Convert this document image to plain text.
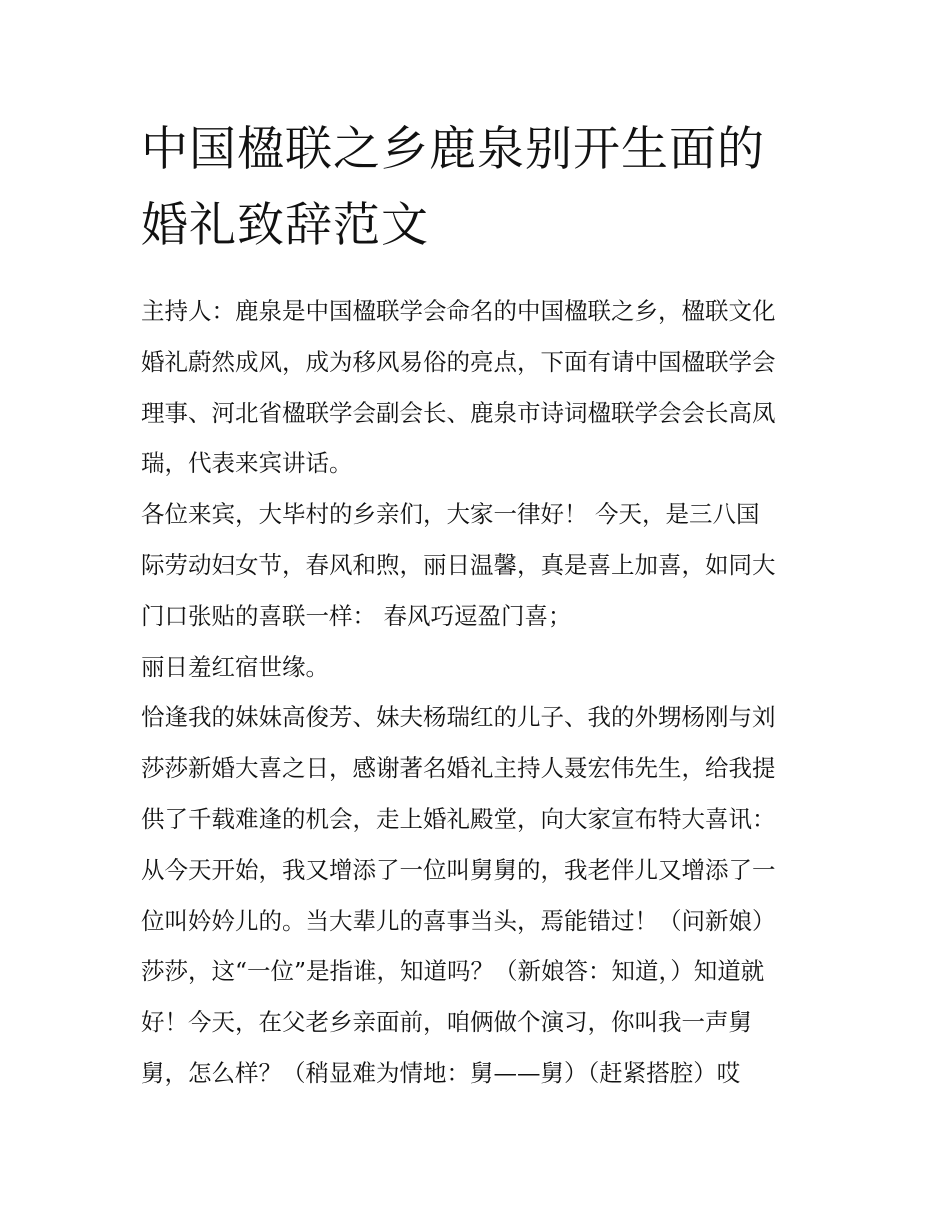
中国楹联之乡鹿泉别开生面的
婚礼致辞范文

主持人：鹿泉是中国楹联学会命名的中国楹联之乡，楹联文化
婚礼蔚然成风，成为移风易俗的亮点，下面有请中国楹联学会
理事、河北省楹联学会副会长、鹿泉市诗词楹联学会会长高凤
瑞，代表来宾讲话。

各位来宾，大毕村的乡亲们，大家一律好！ 今天，是三八国
际劳动妇女节，春风和煦，丽日温馨，真是喜上加喜，如同大
门口张贴的喜联一样： 春风巧逗盈门喜；

丽日羞红宿世缘。

恰逢我的妹妹高俊芳、妹夫杨瑞红的儿子、我的外甥杨刚与刘
莎莎新婚大喜之日，感谢著名婚礼主持人聂宏伟先生，给我提
供了千载难逢的机会，走上婚礼殿堂，向大家宣布特大喜讯：
从今天开始，我又增添了一位叫舅舅的，我老伴儿又增添了一
位叫妗妗儿的。当大辈儿的喜事当头，焉能错过！（问新娘）
莎莎，这“一位”是指谁，知道吗？（新娘答：知道，）知道就
好！今天，在父老乡亲面前，咱俩做个演习，你叫我一声舅
舅，怎么样？（稍显难为情地：舅——舅）（赶紧搭腔）哎
